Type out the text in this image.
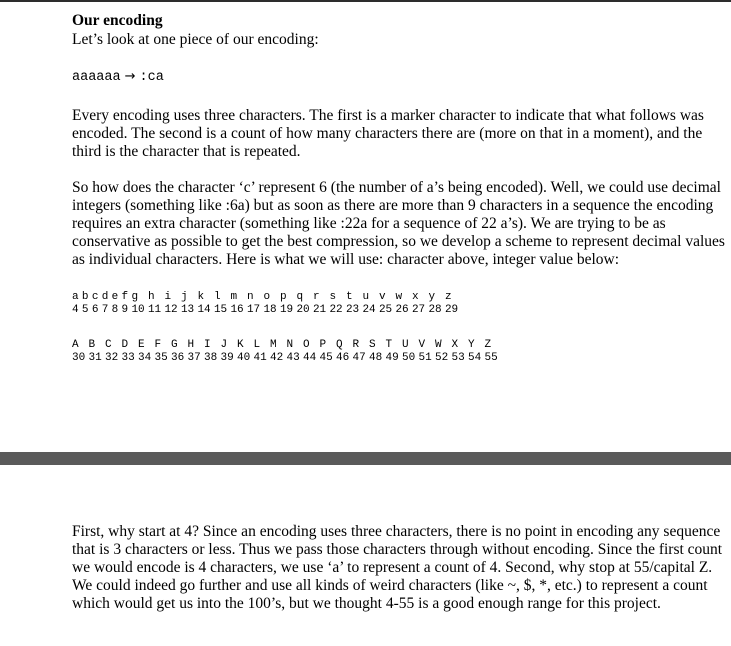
Our encoding
Let’s look at one piece of our encoding:
aaaaaa → :ca
Every encoding uses three characters. The first is a marker character to indicate that what follows was encoded. The second is a count of how many characters there are (more on that in a moment), and the third is the character that is repeated.
So how does the character ‘c’ represent 6 (the number of a’s being encoded). Well, we could use decimal integers (something like :6a) but as soon as there are more than 9 characters in a sequence the encoding requires an extra character (something like :22a for a sequence of 22 a’s). We are trying to be as conservative as possible to get the best compression, so we develop a scheme to represent decimal values as individual characters. Here is what we will use: character above, integer value below:
a	b	c	d	e	f	g	h	i	j	k	l	m	n	o	p	q	r	s	t	u	v	w	x	y	z
4	5	6	7	8	9	10	11	12	13	14	15	16	17	18	19	20	21	22	23	24	25	26	27	28	29
A	B	C	D	E	F	G	H	I	J	K	L	M	N	O	P	Q	R	S	T	U	V	W	X	Y	Z
30	31	32	33	34	35	36	37	38	39	40	41	42	43	44	45	46	47	48	49	50	51	52	53	54	55
First, why start at 4? Since an encoding uses three characters, there is no point in encoding any sequence that is 3 characters or less. Thus we pass those characters through without encoding. Since the first count we would encode is 4 characters, we use ‘a’ to represent a count of 4. Second, why stop at 55/capital Z. We could indeed go further and use all kinds of weird characters (like ~, $, *, etc.) to represent a count which would get us into the 100’s, but we thought 4-55 is a good enough range for this project.
